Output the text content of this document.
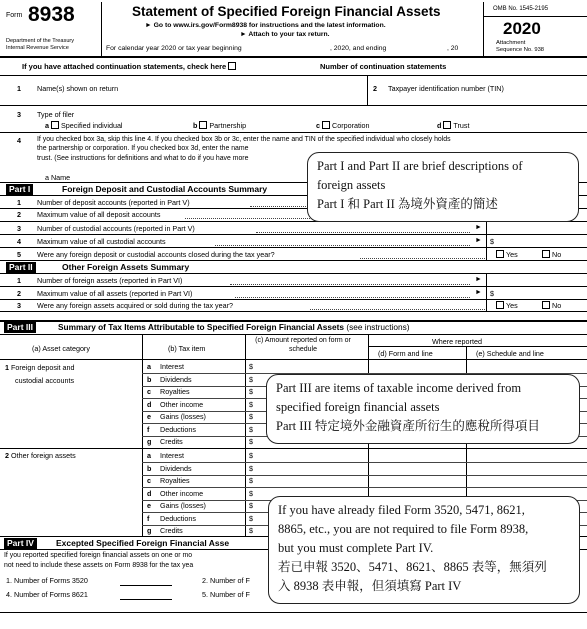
Form 8938
Department of the Treasury
Internal Revenue Service
Statement of Specified Foreign Financial Assets
► Go to www.irs.gov/Form8938 for instructions and the latest information.
► Attach to your tax return.
For calendar year 2020 or tax year beginning	, 2020, and ending	, 20
OMB No. 1545-2195
2020
Attachment
Sequence No. 938
If you have attached continuation statements, check here	Number of continuation statements
1 Name(s) shown on return	2 Taxpayer identification number (TIN)
3 Type of filer
a Specified individual	b Partnership	c Corporation	d Trust
4 If you checked box 3a, skip this line 4. If you checked box 3b or 3c, enter the name and TIN of the specified individual who closely holds
the partnership or corporation. If you checked box 3d, enter the name
trust. (See instructions for definitions and what to do if you have more
a Name
Part I	Foreign Deposit and Custodial Accounts Summary
1 Number of deposit accounts (reported in Part V)
2 Maximum value of all deposit accounts
3 Number of custodial accounts (reported in Part V)	►
4 Maximum value of all custodial accounts	► $
5 Were any foreign deposit or custodial accounts closed during the tax year?	Yes	No
Part II	Other Foreign Assets Summary
1 Number of foreign assets (reported in Part VI)	►
2 Maximum value of all assets (reported in Part VI)	► $
3 Were any foreign assets acquired or sold during the tax year?	Yes	No
Part III	Summary of Tax Items Attributable to Specified Foreign Financial Assets (see instructions)
(a) Asset category	(b) Tax item
(c) Amount reported on form or schedule
Where reported
(d) Form and line	(e) Schedule and line
1 Foreign deposit and
custodial accounts
a Interest	$
b Dividends	$
c Royalties	$
d Other income	$
e Gains (losses)	$
f Deductions	$
g Credits	$
2 Other foreign assets	a Interest	$
b Dividends	$
c Royalties	$
d Other income	$
e Gains (losses)	$
f Deductions	$
g Credits	$
Part IV	Excepted Specified Foreign Financial Asse
If you reported specified foreign financial assets on one or mo
not need to include these assets on Form 8938 for the tax yea
1. Number of Forms 3520	2. Number of F
4. Number of Forms 8621	5. Number of F
Part I and Part II are brief descriptions of
foreign assets
Part I 和 Part II 為境外資產的簡述
Part III are items of taxable income derived from
specified foreign financial assets
Part III 特定境外金融資產所衍生的應稅所得項目
If you have already filed Form 3520, 5471, 8621,
8865, etc., you are not required to file Form 8938,
but you must complete Part IV.
若已申報 3520、5471、8621、8865 表等，無須列
入 8938 表申報，但須填寫 Part IV
